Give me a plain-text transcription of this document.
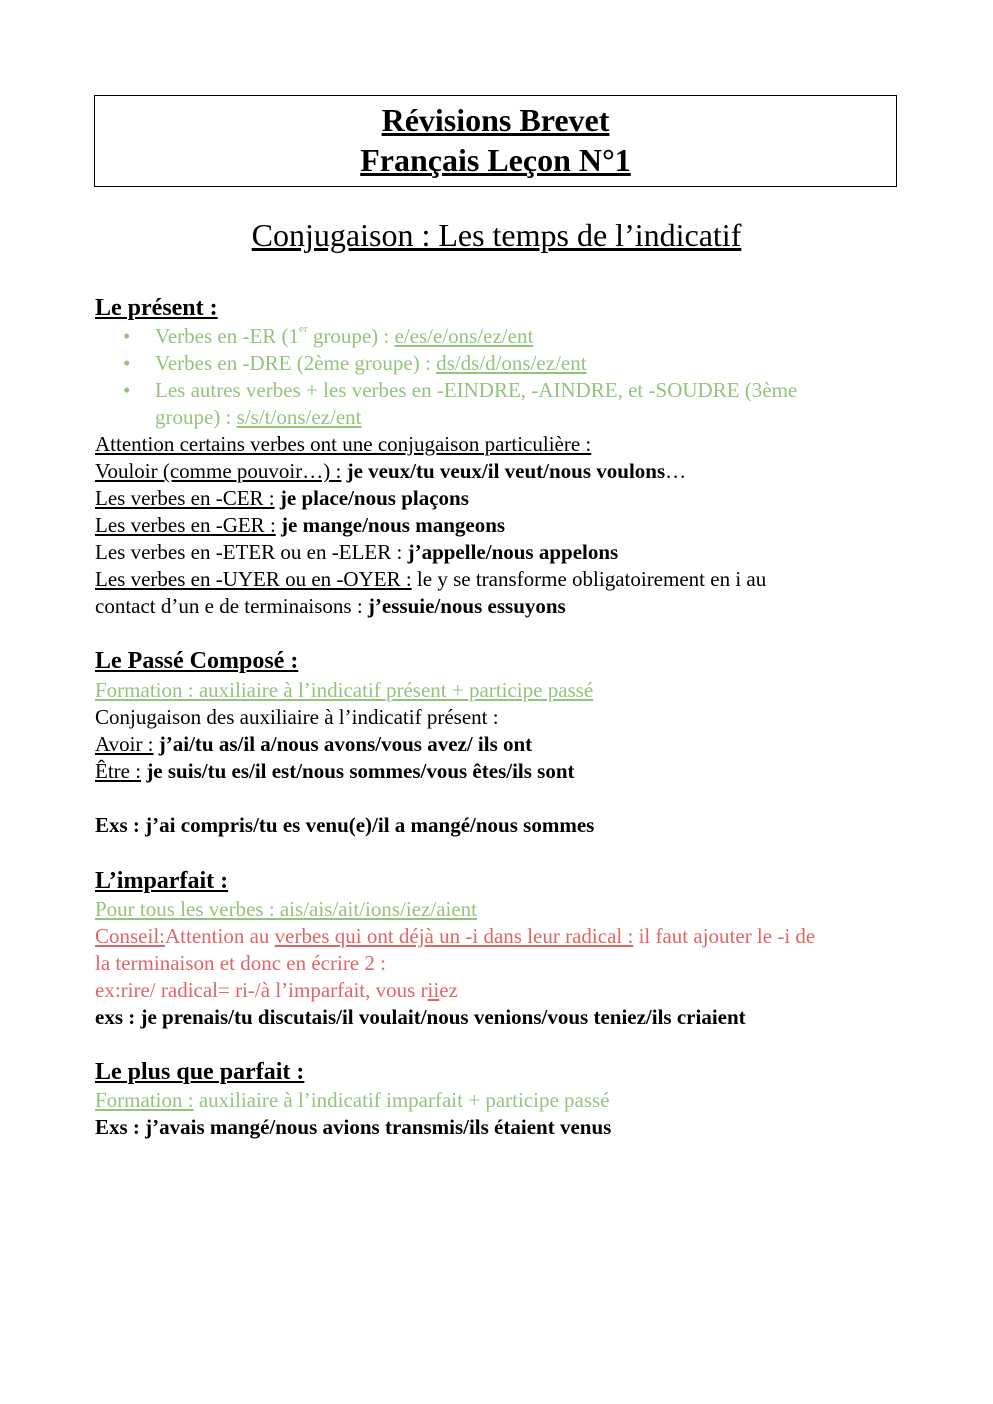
Révisions Brevet
Français Leçon N°1
Conjugaison : Les temps de l’indicatif
Le présent :
• Verbes en -ER (1er groupe) : e/es/e/ons/ez/ent
• Verbes en -DRE (2ème groupe) : ds/ds/d/ons/ez/ent
• Les autres verbes + les verbes en -EINDRE, -AINDRE, et -SOUDRE (3ème
groupe) : s/s/t/ons/ez/ent
Attention certains verbes ont une conjugaison particulière :
Vouloir (comme pouvoir…) : je veux/tu veux/il veut/nous voulons…
Les verbes en -CER : je place/nous plaçons
Les verbes en -GER : je mange/nous mangeons
Les verbes en -ETER ou en -ELER : j’appelle/nous appelons
Les verbes en -UYER ou en -OYER : le y se transforme obligatoirement en i au
contact d’un e de terminaisons : j’essuie/nous essuyons
Le Passé Composé :
Formation : auxiliaire à l’indicatif présent + participe passé
Conjugaison des auxiliaire à l’indicatif présent :
Avoir : j’ai/tu as/il a/nous avons/vous avez/ ils ont
Être : je suis/tu es/il est/nous sommes/vous êtes/ils sont
Exs : j’ai compris/tu es venu(e)/il a mangé/nous sommes
L’imparfait :
Pour tous les verbes : ais/ais/ait/ions/iez/aient
Conseil:Attention au verbes qui ont déjà un -i dans leur radical : il faut ajouter le -i de
la terminaison et donc en écrire 2 :
ex:rire/ radical= ri-/à l’imparfait, vous riiez
exs : je prenais/tu discutais/il voulait/nous venions/vous teniez/ils criaient
Le plus que parfait :
Formation : auxiliaire à l’indicatif imparfait + participe passé
Exs : j’avais mangé/nous avions transmis/ils étaient venus
